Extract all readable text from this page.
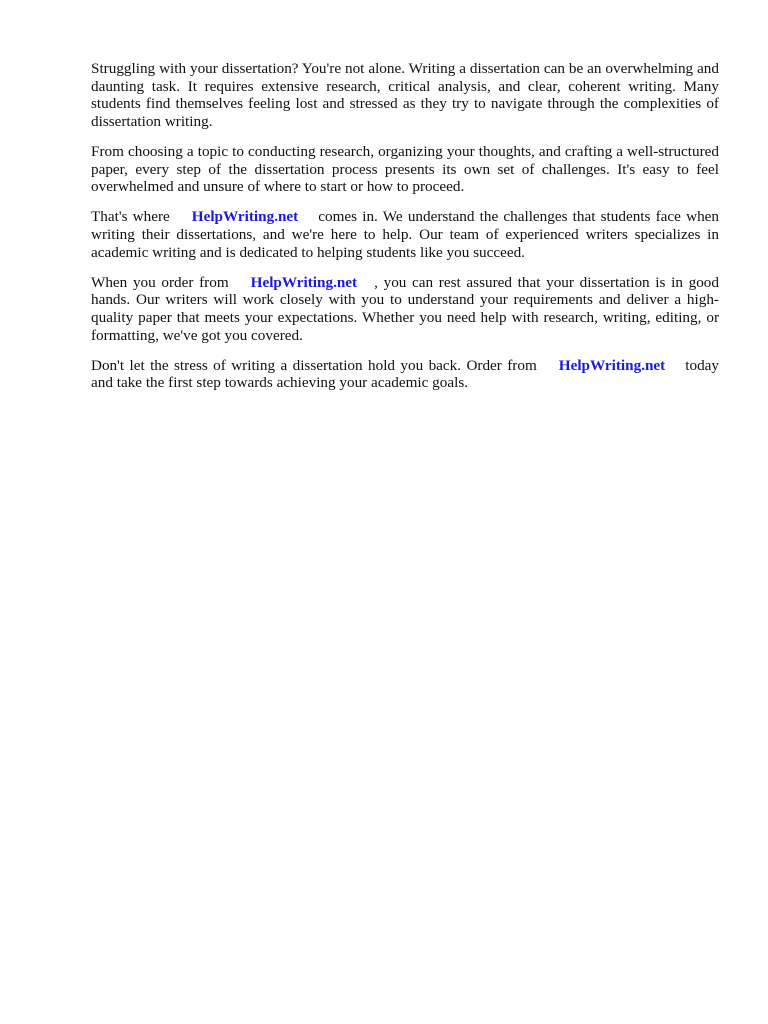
Struggling with your dissertation? You're not alone. Writing a dissertation can be an overwhelming and daunting task. It requires extensive research, critical analysis, and clear, coherent writing. Many students find themselves feeling lost and stressed as they try to navigate through the complexities of dissertation writing.

From choosing a topic to conducting research, organizing your thoughts, and crafting a well-structured paper, every step of the dissertation process presents its own set of challenges. It's easy to feel overwhelmed and unsure of where to start or how to proceed.

That's where HelpWriting.net comes in. We understand the challenges that students face when writing their dissertations, and we're here to help. Our team of experienced writers specializes in academic writing and is dedicated to helping students like you succeed.

When you order from HelpWriting.net , you can rest assured that your dissertation is in good hands. Our writers will work closely with you to understand your requirements and deliver a high-quality paper that meets your expectations. Whether you need help with research, writing, editing, or formatting, we've got you covered.

Don't let the stress of writing a dissertation hold you back. Order from HelpWriting.net today and take the first step towards achieving your academic goals.
